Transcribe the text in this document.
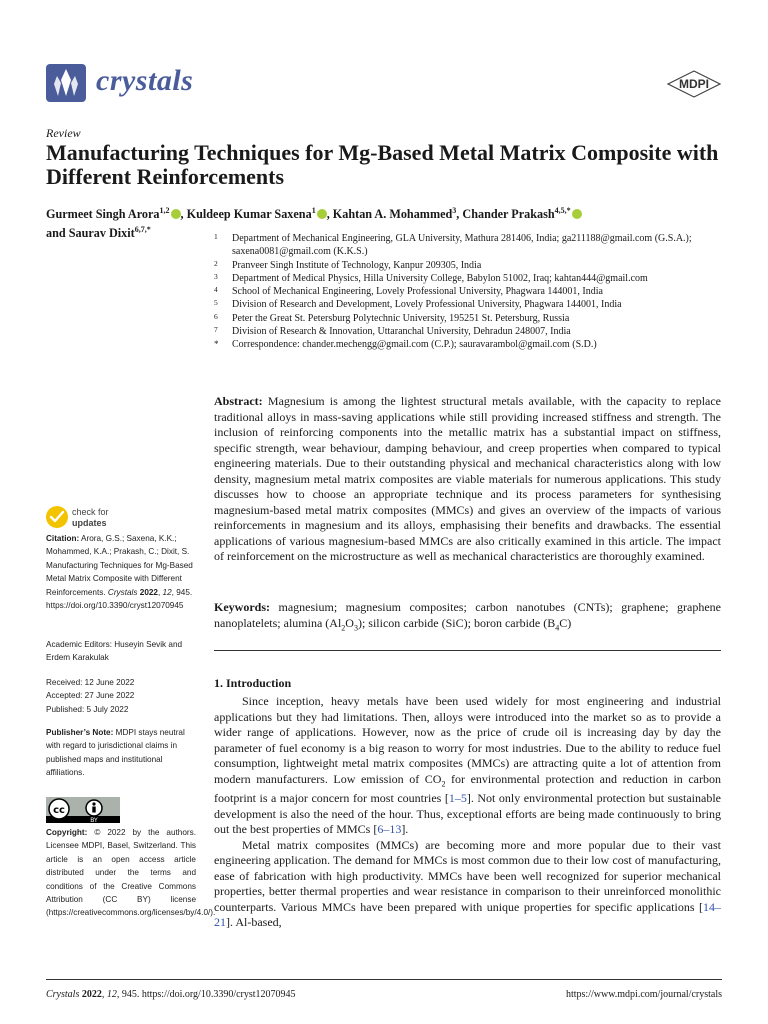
crystals	MDPI
Review
Manufacturing Techniques for Mg-Based Metal Matrix Composite with Different Reinforcements
Gurmeet Singh Arora$^{1,2}$ , Kuldeep Kumar Saxena$^1$ , Kahtan A. Mohammed$^3$, Chander Prakash$^{4,5,*}$
and Saurav Dixit$^{6,7,*}$
1 Department of Mechanical Engineering, GLA University, Mathura 281406, India; ga211188@gmail.com (G.S.A.); saxena0081@gmail.com (K.K.S.)
2 Pranveer Singh Institute of Technology, Kanpur 209305, India
3 Department of Medical Physics, Hilla University College, Babylon 51002, Iraq; kahtan444@gmail.com
4 School of Mechanical Engineering, Lovely Professional University, Phagwara 144001, India
5 Division of Research and Development, Lovely Professional University, Phagwara 144001, India
6 Peter the Great St. Petersburg Polytechnic University, 195251 St. Petersburg, Russia
7 Division of Research & Innovation, Uttaranchal University, Dehradun 248007, India
* Correspondence: chander.mechengg@gmail.com (C.P.); sauravarambol@gmail.com (S.D.)
Abstract: Magnesium is among the lightest structural metals available, with the capacity to replace traditional alloys in mass-saving applications while still providing increased stiffness and strength. The inclusion of reinforcing components into the metallic matrix has a substantial impact on stiffness, specific strength, wear behaviour, damping behaviour, and creep properties when compared to typical engineering materials. Due to their outstanding physical and mechanical characteristics along with low density, magnesium metal matrix composites are viable materials for numerous applications. This study discusses how to choose an appropriate technique and its process parameters for synthesising magnesium-based metal matrix composites (MMCs) and gives an overview of the impacts of various reinforcements in magnesium and its alloys, emphasising their benefits and drawbacks. The essential applications of various magnesium-based MMCs are also critically examined in this article. The impact of reinforcement on the microstructure as well as mechanical characteristics are thoroughly examined.
Keywords: magnesium; magnesium composites; carbon nanotubes (CNTs); graphene; graphene nanoplatelets; alumina $(Al_2O_3)$; silicon carbide (SiC); boron carbide $(B_4C)$
1. Introduction

Since inception, heavy metals have been used widely for most engineering and industrial applications but they had limitations. Then, alloys were introduced into the market so as to provide a wider range of applications. However, now as the price of crude oil is increasing day by day the parameter of fuel economy is a big reason to worry for most industries. Due to the ability to reduce fuel consumption, lightweight metal matrix composites (MMCs) are attracting quite a lot of attention from modern manufacturers. Low emission of $CO_2$ for environmental protection and reduction in carbon footprint is a major concern for most countries [1–5]. Not only environmental protection but sustainable development is also the need of the hour. Thus, exceptional efforts are being made continuously to bring out the best properties of MMCs [6–13].

Metal matrix composites (MMCs) are becoming more and more popular due to their vast engineering application. The demand for MMCs is most common due to their low cost of manufacturing, ease of fabrication with high productivity. MMCs have been well recognized for superior mechanical properties, better thermal properties and wear resistance in comparison to their unreinforced monolithic counterparts. Various MMCs have been prepared with unique properties for specific applications [14–21]. Al-based,

check for
updates
Citation: Arora, G.S.; Saxena, K.K.; Mohammed, K.A.; Prakash, C.; Dixit, S. Manufacturing Techniques for Mg-Based Metal Matrix Composite with Different Reinforcements. Crystals 2022, 12, 945. https://doi.org/10.3390/cryst12070945
Academic Editors: Huseyin Sevik and Erdem Karakulak
Received: 12 June 2022
Accepted: 27 June 2022
Published: 5 July 2022
Publisher’s Note: MDPI stays neutral with regard to jurisdictional claims in published maps and institutional affiliations.
cc
BY
Copyright: © 2022 by the authors. Licensee MDPI, Basel, Switzerland. This article is an open access article distributed under the terms and conditions of the Creative Commons Attribution (CC BY) license (https://creativecommons.org/licenses/by/4.0/).
Crystals 2022, 12, 945. https://doi.org/10.3390/cryst12070945	https://www.mdpi.com/journal/crystals
